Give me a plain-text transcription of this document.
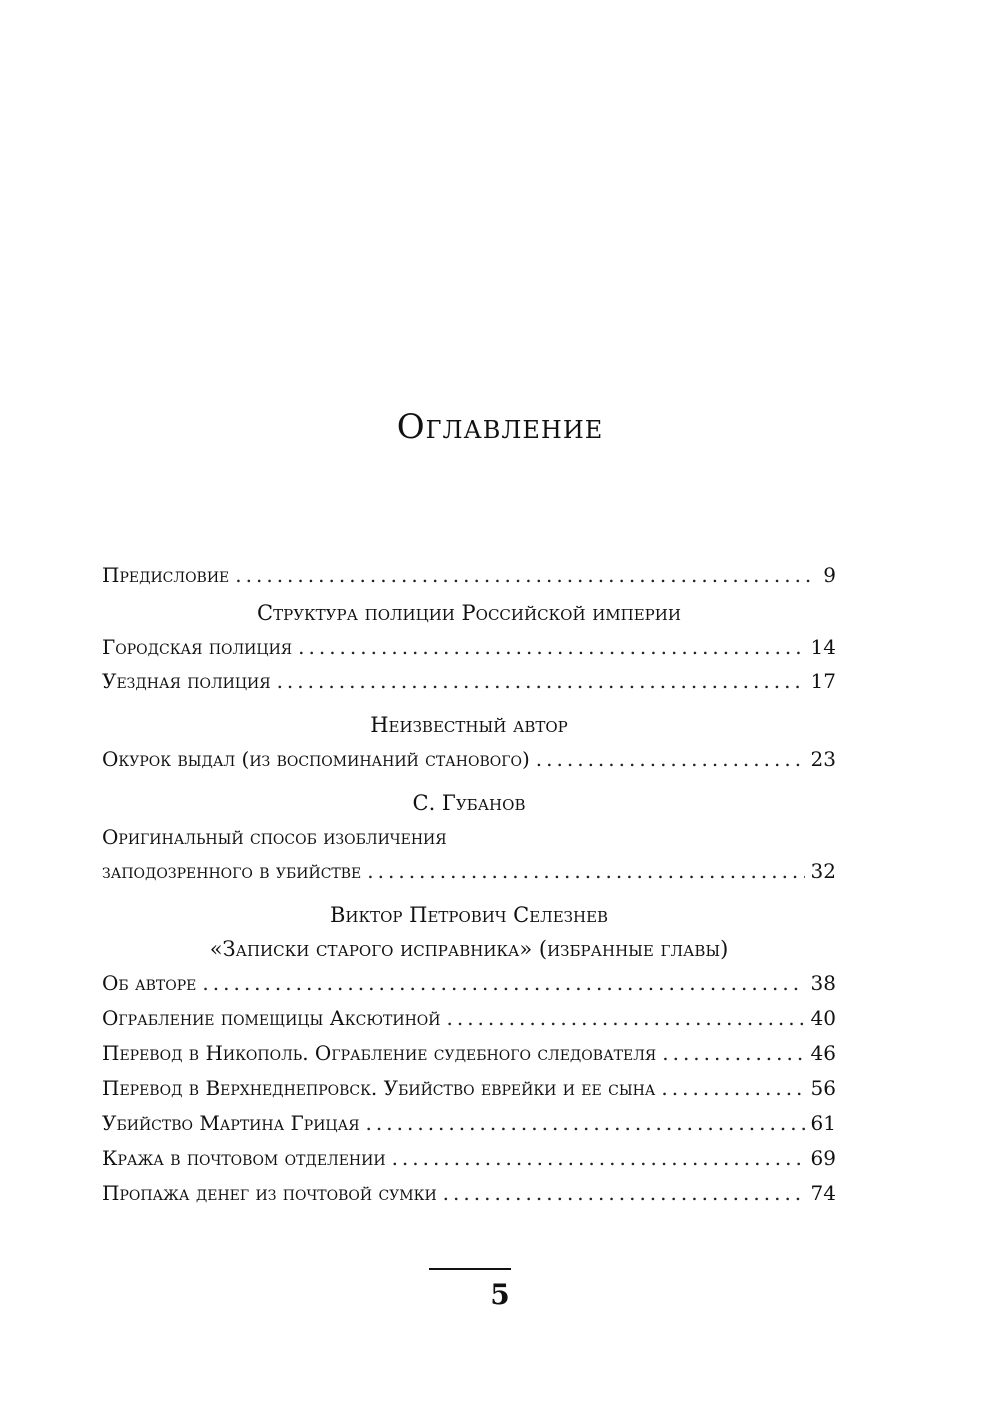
Оглавление
Предисловие .....	9
Структура полиции Российской империи
Городская полиция .....	14
Уездная полиция .....	17
Неизвестный автор
Окурок выдал (из воспоминаний станового) .....	23
С. Губанов
Оригинальный способ изобличения
заподозренного в убийстве .....	32
Виктор Петрович Селезнев
«Записки старого исправника» (избранные главы)
Об авторе .....	38
Ограбление помещицы Аксютиной .....	40
Перевод в Никополь. Ограбление судебного следователя .....	46
Перевод в Верхнеднепровск. Убийство еврейки и ее сына .....	56
Убийство Мартина Грицая .....	61
Кража в почтовом отделении .....	69
Пропажа денег из почтовой сумки .....	74
5
